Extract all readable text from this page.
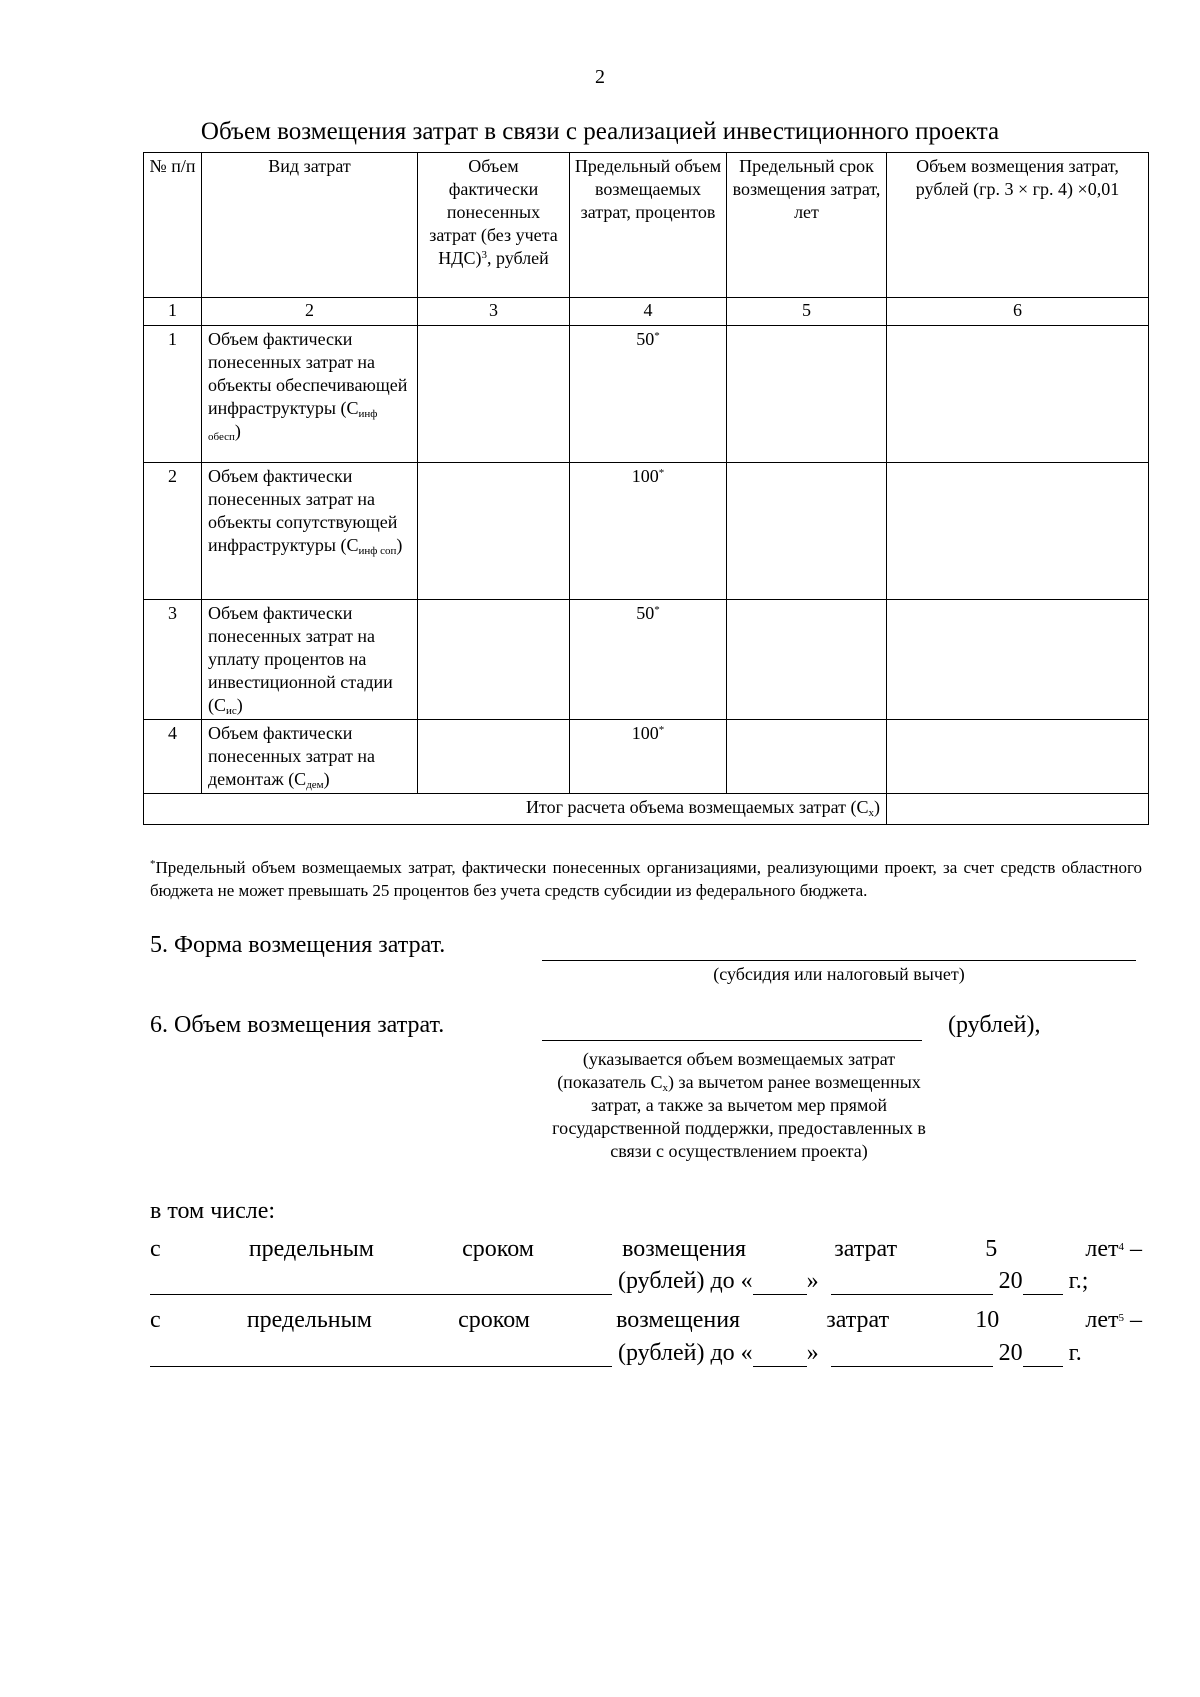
2
Объем возмещения затрат в связи с реализацией инвестиционного проекта
№ п/п	Вид затрат	Объем фактически понесенных затрат (без учета НДС)$^3$, рублей	Предельный объем возмещаемых затрат, процентов	Предельный срок возмещения затрат, лет	Объем возмещения затрат, рублей (гр. 3 × гр. 4) ×0,01
1	2	3	4	5	6
1	Объем фактически понесенных затрат на объекты обеспечивающей инфраструктуры $(С_{инф обесп})$		50*		
2	Объем фактически понесенных затрат на объекты сопутствующей инфраструктуры $(С_{инф соп})$		100*		
3	Объем фактически понесенных затрат на уплату процентов на инвестиционной стадии $(С_{ис})$		50*		
4	Объем фактически понесенных затрат на демонтаж $(С_{дем})$		100*		
Итог расчета объема возмещаемых затрат $(С_х)$					
*Предельный объем возмещаемых затрат, фактически понесенных организациями, реализующими проект, за счет средств областного бюджета не может превышать 25 процентов без учета средств субсидии из федерального бюджета.
5. Форма возмещения затрат.
(субсидия или налоговый вычет)
6. Объем возмещения затрат.	(рублей),
(указывается объем возмещаемых затрат (показатель $С_х$) за вычетом ранее возмещенных затрат, а также за вычетом мер прямой государственной поддержки, предоставленных в связи с осуществлением проекта)
в том числе:
с	предельным	сроком	возмещения	затрат	5	лет$^4$ –
(рублей) до « »	20 г.;
с	предельным	сроком	возмещения	затрат	10	лет$^5$ –
(рублей) до « »	20 г.
